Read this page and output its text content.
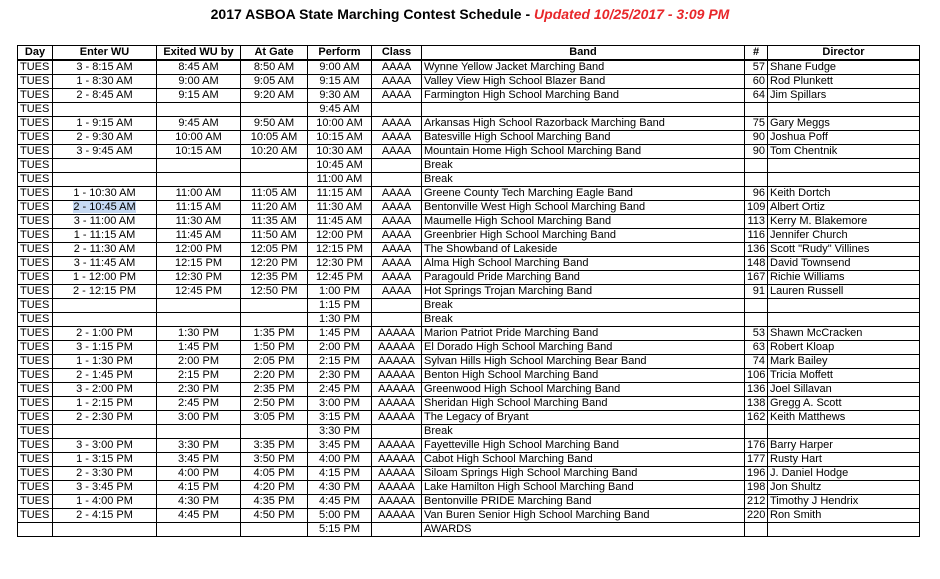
2017 ASBOA State Marching Contest Schedule - Updated 10/25/2017 - 3:09 PM
Day	Enter WU	Exited WU by	At Gate	Perform	Class	Band	#	Director
TUES	3 - 8:15 AM	8:45 AM	8:50 AM	9:00 AM	AAAA	Wynne Yellow Jacket Marching Band	57	Shane Fudge
TUES	1 - 8:30 AM	9:00 AM	9:05 AM	9:15 AM	AAAA	Valley View High School Blazer Band	60	Rod Plunkett
TUES	2 - 8:45 AM	9:15 AM	9:20 AM	9:30 AM	AAAA	Farmington High School Marching Band	64	Jim Spillars
TUES				9:45 AM				
TUES	1 - 9:15 AM	9:45 AM	9:50 AM	10:00 AM	AAAA	Arkansas High School Razorback Marching Band	75	Gary Meggs
TUES	2 - 9:30 AM	10:00 AM	10:05 AM	10:15 AM	AAAA	Batesville High School Marching Band	90	Joshua Poff
TUES	3 - 9:45 AM	10:15 AM	10:20 AM	10:30 AM	AAAA	Mountain Home High School Marching Band	90	Tom Chentnik
TUES				10:45 AM		Break		
TUES				11:00 AM		Break		
TUES	1 - 10:30 AM	11:00 AM	11:05 AM	11:15 AM	AAAA	Greene County Tech Marching Eagle Band	96	Keith Dortch
TUES	2 - 10:45 AM	11:15 AM	11:20 AM	11:30 AM	AAAA	Bentonville West High School Marching Band	109	Albert Ortiz
TUES	3 - 11:00 AM	11:30 AM	11:35 AM	11:45 AM	AAAA	Maumelle High School Marching Band	113	Kerry M. Blakemore
TUES	1 - 11:15 AM	11:45 AM	11:50 AM	12:00 PM	AAAA	Greenbrier High School Marching Band	116	Jennifer Church
TUES	2 - 11:30 AM	12:00 PM	12:05 PM	12:15 PM	AAAA	The Showband of Lakeside	136	Scott "Rudy" Villines
TUES	3 - 11:45 AM	12:15 PM	12:20 PM	12:30 PM	AAAA	Alma High School Marching Band	148	David Townsend
TUES	1 - 12:00 PM	12:30 PM	12:35 PM	12:45 PM	AAAA	Paragould Pride Marching Band	167	Richie Williams
TUES	2 - 12:15 PM	12:45 PM	12:50 PM	1:00 PM	AAAA	Hot Springs Trojan Marching Band	91	Lauren Russell
TUES				1:15 PM		Break		
TUES				1:30 PM		Break		
TUES	2 - 1:00 PM	1:30 PM	1:35 PM	1:45 PM	AAAAA	Marion Patriot Pride Marching Band	53	Shawn McCracken
TUES	3 - 1:15 PM	1:45 PM	1:50 PM	2:00 PM	AAAAA	El Dorado High School Marching Band	63	Robert Kloap
TUES	1 - 1:30 PM	2:00 PM	2:05 PM	2:15 PM	AAAAA	Sylvan Hills High School Marching Bear Band	74	Mark Bailey
TUES	2 - 1:45 PM	2:15 PM	2:20 PM	2:30 PM	AAAAA	Benton High School Marching Band	106	Tricia Moffett
TUES	3 - 2:00 PM	2:30 PM	2:35 PM	2:45 PM	AAAAA	Greenwood High School Marching Band	136	Joel Sillavan
TUES	1 - 2:15 PM	2:45 PM	2:50 PM	3:00 PM	AAAAA	Sheridan High School Marching Band	138	Gregg A. Scott
TUES	2 - 2:30 PM	3:00 PM	3:05 PM	3:15 PM	AAAAA	The Legacy of Bryant	162	Keith Matthews
TUES				3:30 PM		Break		
TUES	3 - 3:00 PM	3:30 PM	3:35 PM	3:45 PM	AAAAA	Fayetteville High School Marching Band	176	Barry Harper
TUES	1 - 3:15 PM	3:45 PM	3:50 PM	4:00 PM	AAAAA	Cabot High School Marching Band	177	Rusty Hart
TUES	2 - 3:30 PM	4:00 PM	4:05 PM	4:15 PM	AAAAA	Siloam Springs High School Marching Band	196	J. Daniel Hodge
TUES	3 - 3:45 PM	4:15 PM	4:20 PM	4:30 PM	AAAAA	Lake Hamilton High School Marching Band	198	Jon Shultz
TUES	1 - 4:00 PM	4:30 PM	4:35 PM	4:45 PM	AAAAA	Bentonville PRIDE Marching Band	212	Timothy J Hendrix
TUES	2 - 4:15 PM	4:45 PM	4:50 PM	5:00 PM	AAAAA	Van Buren Senior High School Marching Band	220	Ron Smith
				5:15 PM		AWARDS		
